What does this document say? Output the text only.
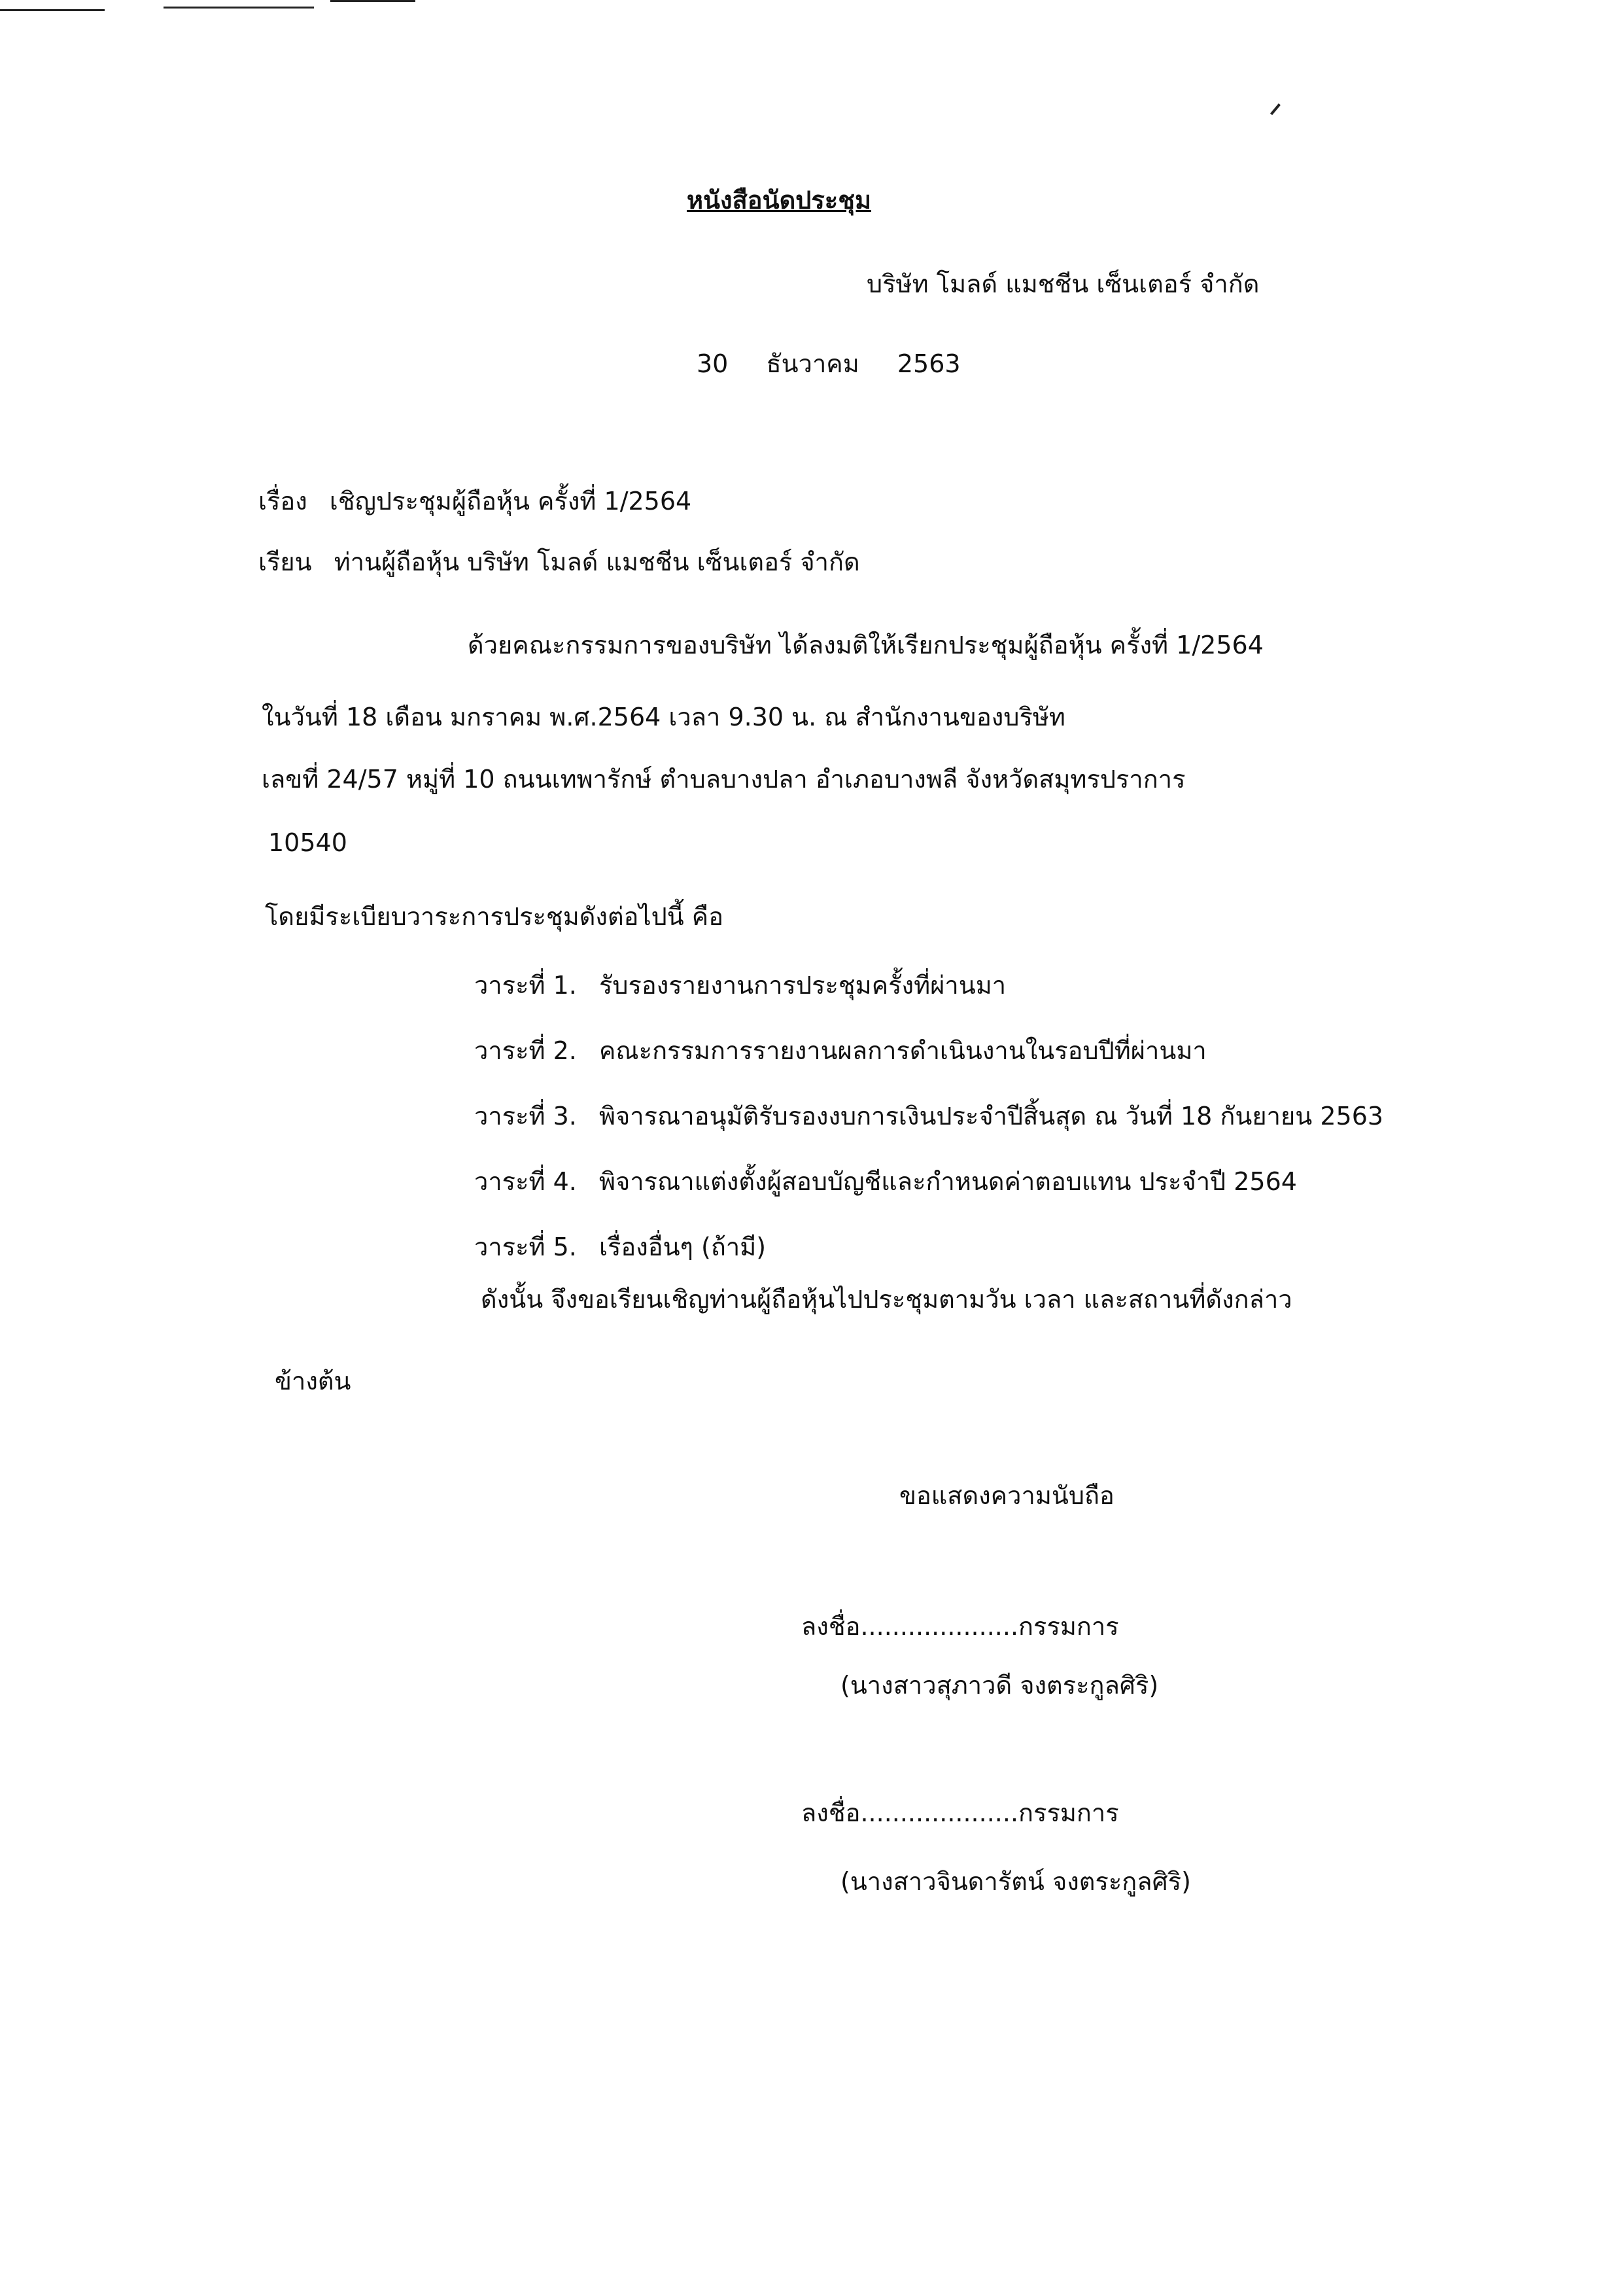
หนังสือนัดประชุม
บริษัท โมลด์ แมชชีน เซ็นเตอร์ จำกัด
30 ธันวาคม 2563
เรื่อง เชิญประชุมผู้ถือหุ้น ครั้งที่ 1/2564
เรียน ท่านผู้ถือหุ้น บริษัท โมลด์ แมชชีน เซ็นเตอร์ จำกัด
ด้วยคณะกรรมการของบริษัท ได้ลงมติให้เรียกประชุมผู้ถือหุ้น ครั้งที่ 1/2564
ในวันที่ 18 เดือน มกราคม พ.ศ.2564 เวลา 9.30 น. ณ สำนักงานของบริษัท
เลขที่ 24/57 หมู่ที่ 10 ถนนเทพารักษ์ ตำบลบางปลา อำเภอบางพลี จังหวัดสมุทรปราการ
10540
โดยมีระเบียบวาระการประชุมดังต่อไปนี้ คือ
วาระที่ 1. รับรองรายงานการประชุมครั้งที่ผ่านมา
วาระที่ 2. คณะกรรมการรายงานผลการดำเนินงานในรอบปีที่ผ่านมา
วาระที่ 3. พิจารณาอนุมัติรับรองงบการเงินประจำปีสิ้นสุด ณ วันที่ 18 กันยายน 2563
วาระที่ 4. พิจารณาแต่งตั้งผู้สอบบัญชีและกำหนดค่าตอบแทน ประจำปี 2564
วาระที่ 5. เรื่องอื่นๆ (ถ้ามี)
ดังนั้น จึงขอเรียนเชิญท่านผู้ถือหุ้นไปประชุมตามวัน เวลา และสถานที่ดังกล่าว
ข้างต้น
ขอแสดงความนับถือ
ลงชื่อ....................กรรมการ
(นางสาวสุภาวดี จงตระกูลศิริ)
ลงชื่อ....................กรรมการ
(นางสาวจินดารัตน์ จงตระกูลศิริ)
